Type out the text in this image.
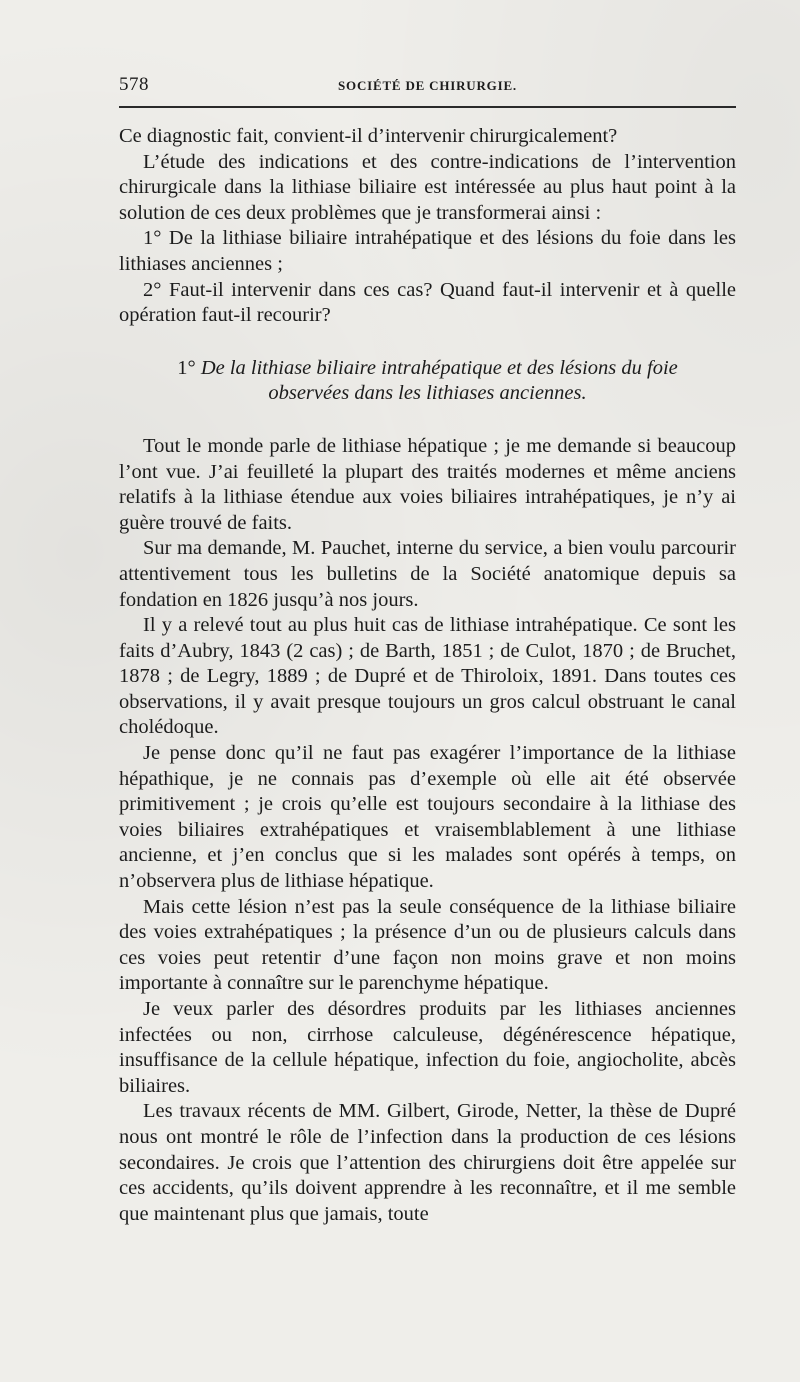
578	SOCIÉTÉ DE CHIRURGIE.

Ce diagnostic fait, convient-il d’intervenir chirurgicalement?

L’étude des indications et des contre-indications de l’intervention chirurgicale dans la lithiase biliaire est intéressée au plus haut point à la solution de ces deux problèmes que je transformerai ainsi :

1° De la lithiase biliaire intrahépatique et des lésions du foie dans les lithiases anciennes ;

2° Faut-il intervenir dans ces cas? Quand faut-il intervenir et à quelle opération faut-il recourir?

1° De la lithiase biliaire intrahépatique et des lésions du foie
observées dans les lithiases anciennes.

Tout le monde parle de lithiase hépatique ; je me demande si beaucoup l’ont vue. J’ai feuilleté la plupart des traités modernes et même anciens relatifs à la lithiase étendue aux voies biliaires intrahépatiques, je n’y ai guère trouvé de faits.

Sur ma demande, M. Pauchet, interne du service, a bien voulu parcourir attentivement tous les bulletins de la Société anatomique depuis sa fondation en 1826 jusqu’à nos jours.

Il y a relevé tout au plus huit cas de lithiase intrahépatique. Ce sont les faits d’Aubry, 1843 (2 cas) ; de Barth, 1851 ; de Culot, 1870 ; de Bruchet, 1878 ; de Legry, 1889 ; de Dupré et de Thiroloix, 1891. Dans toutes ces observations, il y avait presque toujours un gros calcul obstruant le canal cholédoque.

Je pense donc qu’il ne faut pas exagérer l’importance de la lithiase hépathique, je ne connais pas d’exemple où elle ait été observée primitivement ; je crois qu’elle est toujours secondaire à la lithiase des voies biliaires extrahépatiques et vraisemblablement à une lithiase ancienne, et j’en conclus que si les malades sont opérés à temps, on n’observera plus de lithiase hépatique.

Mais cette lésion n’est pas la seule conséquence de la lithiase biliaire des voies extrahépatiques ; la présence d’un ou de plusieurs calculs dans ces voies peut retentir d’une façon non moins grave et non moins importante à connaître sur le parenchyme hépatique.

Je veux parler des désordres produits par les lithiases anciennes infectées ou non, cirrhose calculeuse, dégénérescence hépatique, insuffisance de la cellule hépatique, infection du foie, angiocholite, abcès biliaires.

Les travaux récents de MM. Gilbert, Girode, Netter, la thèse de Dupré nous ont montré le rôle de l’infection dans la production de ces lésions secondaires. Je crois que l’attention des chirurgiens doit être appelée sur ces accidents, qu’ils doivent apprendre à les reconnaître, et il me semble que maintenant plus que jamais, toute
